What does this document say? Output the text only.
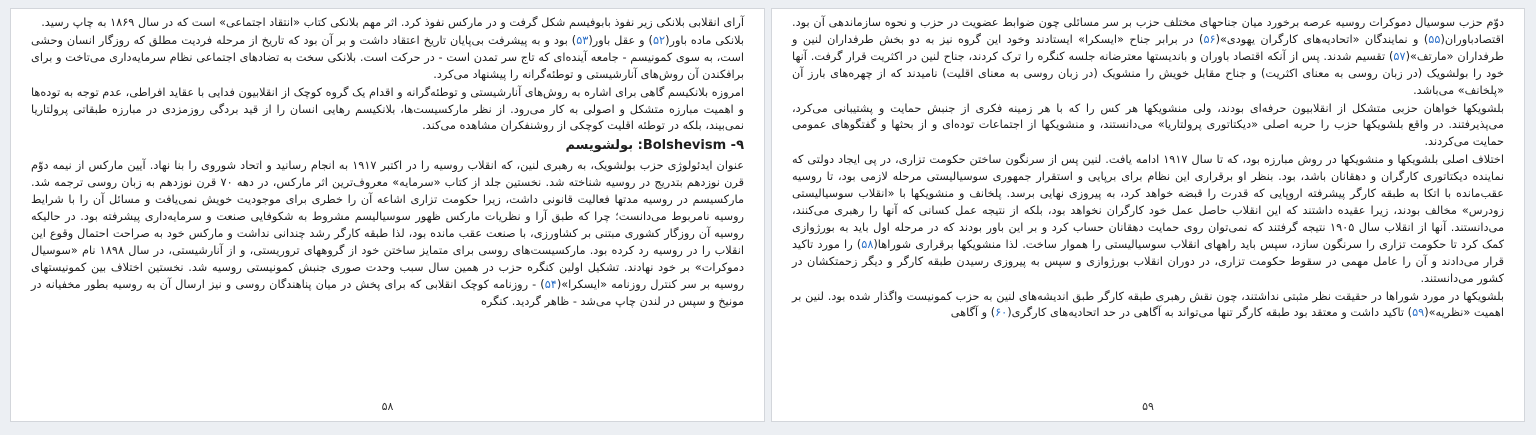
آرای انقلابی بلانکی زیر نفوذ بابوفیسم شکل گرفت و در مارکس نفوذ کرد. اثر مهم بلانکی کتاب «انتقاد اجتماعی» است که در سال ۱۸۶۹ به چاپ رسید.

بلانکی ماده باور(۵۲) و عقل باور(۵۳) بود و به پیشرفت بی‌پایان تاریخ اعتقاد داشت و بر آن بود که تاریخ از مرحله فردیت مطلق که روزگار انسان وحشی است، به سوی کمونیسم - جامعه آینده‌ای که تاج سر تمدن است - در حرکت است. بلانکی سخت به تضادهای اجتماعی نظام سرمایه‌داری می‌تاخت و برای برافکندن آن روش‌های آنارشیستی و توطئه‌گرانه را پیشنهاد می‌کرد.

امروزه بلانکیسم گاهی برای اشاره به روش‌های آنارشیستی و توطئه‌گرانه و اقدام یک گروه کوچک از انقلابیون فدایی با عقاید افراطی، عدم توجه به توده‌ها و اهمیت مبارزه متشکل و اصولی به کار می‌رود. از نظر مارکسیست‌ها، بلانکیسم رهایی انسان را از قید بردگی روزمزدی در مبارزه طبقاتی پرولتاریا نمی‌بیند، بلکه در توطئه اقلیت کوچکی از روشنفکران مشاهده می‌کند.

۹- Bolshevism: بولشویسم

عنوان ایدئولوژی حزب بولشویک، به رهبری لنین، که انقلاب روسیه را در اکتبر ۱۹۱۷ به انجام رسانید و اتحاد شوروی را بنا نهاد. آیین مارکس از نیمه دوّم قرن نوزدهم بتدریج در روسیه شناخته شد. نخستین جلد از کتاب «سرمایه» معروف‌ترین اثر مارکس، در دهه ۷۰ قرن نوزدهم به زبان روسی ترجمه شد. مارکسیسم در روسیه مدتها فعالیت قانونی داشت، زیرا حکومت تزاری اشاعه آن را خطری برای موجودیت خویش نمی‌یافت و مسائل آن را با شرایط روسیه نامربوط می‌دانست؛ چرا که طبق آرا و نظریات مارکس ظهور سوسیالیسم مشروط به شکوفایی صنعت و سرمایه‌داری پیشرفته بود. در حالیکه روسیه آن روزگار کشوری مبتنی بر کشاورزی، با صنعت عقب مانده بود، لذا طبقه کارگر رشد چندانی نداشت و مارکس خود به صراحت احتمال وقوع این انقلاب را در روسیه رد کرده بود. مارکسیست‌های روسی برای متمایز ساختن خود از گروههای تروریستی، و از آنارشیستی، در سال ۱۸۹۸ نام «سوسیال دموکرات» بر خود نهادند. تشکیل اولین کنگره حزب در همین سال سبب وحدت صوری جنبش کمونیستی روسیه شد. نخستین اختلاف بین کمونیستهای روسیه بر سر کنترل روزنامه «ایسکرا»(۵۴) - روزنامه کوچک انقلابی که برای پخش در میان پناهندگان روسی و نیز ارسال آن به روسیه بطور مخفیانه در مونیخ و سپس در لندن چاپ می‌شد - ظاهر گردید. کنگره

۵۸

دوّم حزب سوسیال دموکرات روسیه عرصه برخورد میان جناحهای مختلف حزب بر سر مسائلی چون ضوابط عضویت در حزب و نحوه سازماندهی آن بود. اقتصادباوران(۵۵) و نمایندگان «اتحادیه‌های کارگران یهودی»(۵۶) در برابر جناح «ایسکرا» ایستادند وخود این گروه نیز به دو بخش طرفداران لنین و طرفداران «مارتف»(۵۷) تقسیم شدند. پس از آنکه اقتصاد باوران و باندیستها معترضانه جلسه کنگره را ترک کردند، جناح لنین در اکثریت قرار گرفت. آنها خود را بولشویک (در زبان روسی به معنای اکثریت) و جناح مقابل خویش را منشویک (در زبان روسی به معنای اقلیت) نامیدند که از چهره‌های بارز آن «پلخانف» می‌باشد.

بلشویکها خواهان حزبی متشکل از انقلابیون حرفه‌ای بودند، ولی منشویکها هر کس را که با هر زمینه فکری از جنبش حمایت و پشتیبانی می‌کرد، می‌پذیرفتند. در واقع بلشویکها حزب را حربه اصلی «دیکتاتوری پرولتاریا» می‌دانستند، و منشویکها از اجتماعات توده‌ای و از بحثها و گفتگوهای عمومی حمایت می‌کردند.

اختلاف اصلی بلشویکها و منشویکها در روش مبارزه بود، که تا سال ۱۹۱۷ ادامه یافت. لنین پس از سرنگون ساختن حکومت تزاری، در پی ایجاد دولتی که نماینده دیکتاتوری کارگران و دهقانان باشد، بود. بنظر او برقراری این نظام برای برپایی و استقرار جمهوری سوسیالیستی مرحله لازمی بود، تا روسیه عقب‌مانده با اتکا به طبقه کارگر پیشرفته اروپایی که قدرت را قبضه خواهد کرد، به پیروزی نهایی برسد. پلخانف و منشویکها با «انقلاب سوسیالیستی زودرس» مخالف بودند، زیرا عقیده داشتند که این انقلاب حاصل عمل خود کارگران نخواهد بود، بلکه از نتیجه عمل کسانی که آنها را رهبری می‌کنند، می‌دانستند. آنها از انقلاب سال ۱۹۰۵ نتیجه گرفتند که نمی‌توان روی حمایت دهقانان حساب کرد و بر این باور بودند که در مرحله اول باید به بورژوازی کمک کرد تا حکومت تزاری را سرنگون سازد، سپس باید راههای انقلاب سوسیالیستی را هموار ساخت. لذا منشویکها برقراری شوراها(۵۸) را مورد تاکید قرار می‌دادند و آن را عامل مهمی در سقوط حکومت تزاری، در دوران انقلاب بورژوازی و سپس به پیروزی رسیدن طبقه کارگر و دیگر زحمتکشان در کشور می‌دانستند.

بلشویکها در مورد شوراها در حقیقت نظر مثبتی نداشتند، چون نقش رهبری طبقه کارگر طبق اندیشه‌های لنین به حزب کمونیست واگذار شده بود. لنین بر اهمیت «نظریه»(۵۹) تاکید داشت و معتقد بود طبقه کارگر تنها می‌تواند به آگاهی در حد اتحادیه‌های کارگری(۶۰) و آگاهی

۵۹
